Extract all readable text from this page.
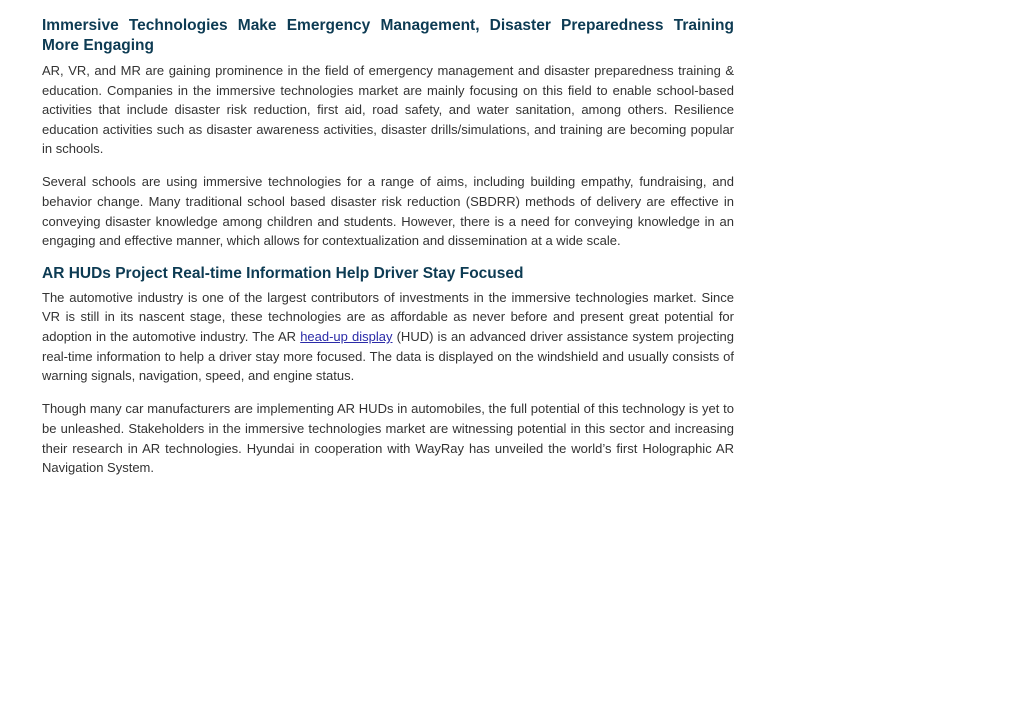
Immersive Technologies Make Emergency Management, Disaster Preparedness Training More Engaging

AR, VR, and MR are gaining prominence in the field of emergency management and disaster preparedness training & education. Companies in the immersive technologies market are mainly focusing on this field to enable school-based activities that include disaster risk reduction, first aid, road safety, and water sanitation, among others. Resilience education activities such as disaster awareness activities, disaster drills/simulations, and training are becoming popular in schools.

Several schools are using immersive technologies for a range of aims, including building empathy, fundraising, and behavior change. Many traditional school based disaster risk reduction (SBDRR) methods of delivery are effective in conveying disaster knowledge among children and students. However, there is a need for conveying knowledge in an engaging and effective manner, which allows for contextualization and dissemination at a wide scale.

AR HUDs Project Real-time Information Help Driver Stay Focused

The automotive industry is one of the largest contributors of investments in the immersive technologies market. Since VR is still in its nascent stage, these technologies are as affordable as never before and present great potential for adoption in the automotive industry. The AR head-up display (HUD) is an advanced driver assistance system projecting real-time information to help a driver stay more focused. The data is displayed on the windshield and usually consists of warning signals, navigation, speed, and engine status.

Though many car manufacturers are implementing AR HUDs in automobiles, the full potential of this technology is yet to be unleashed. Stakeholders in the immersive technologies market are witnessing potential in this sector and increasing their research in AR technologies. Hyundai in cooperation with WayRay has unveiled the world’s first Holographic AR Navigation System.
